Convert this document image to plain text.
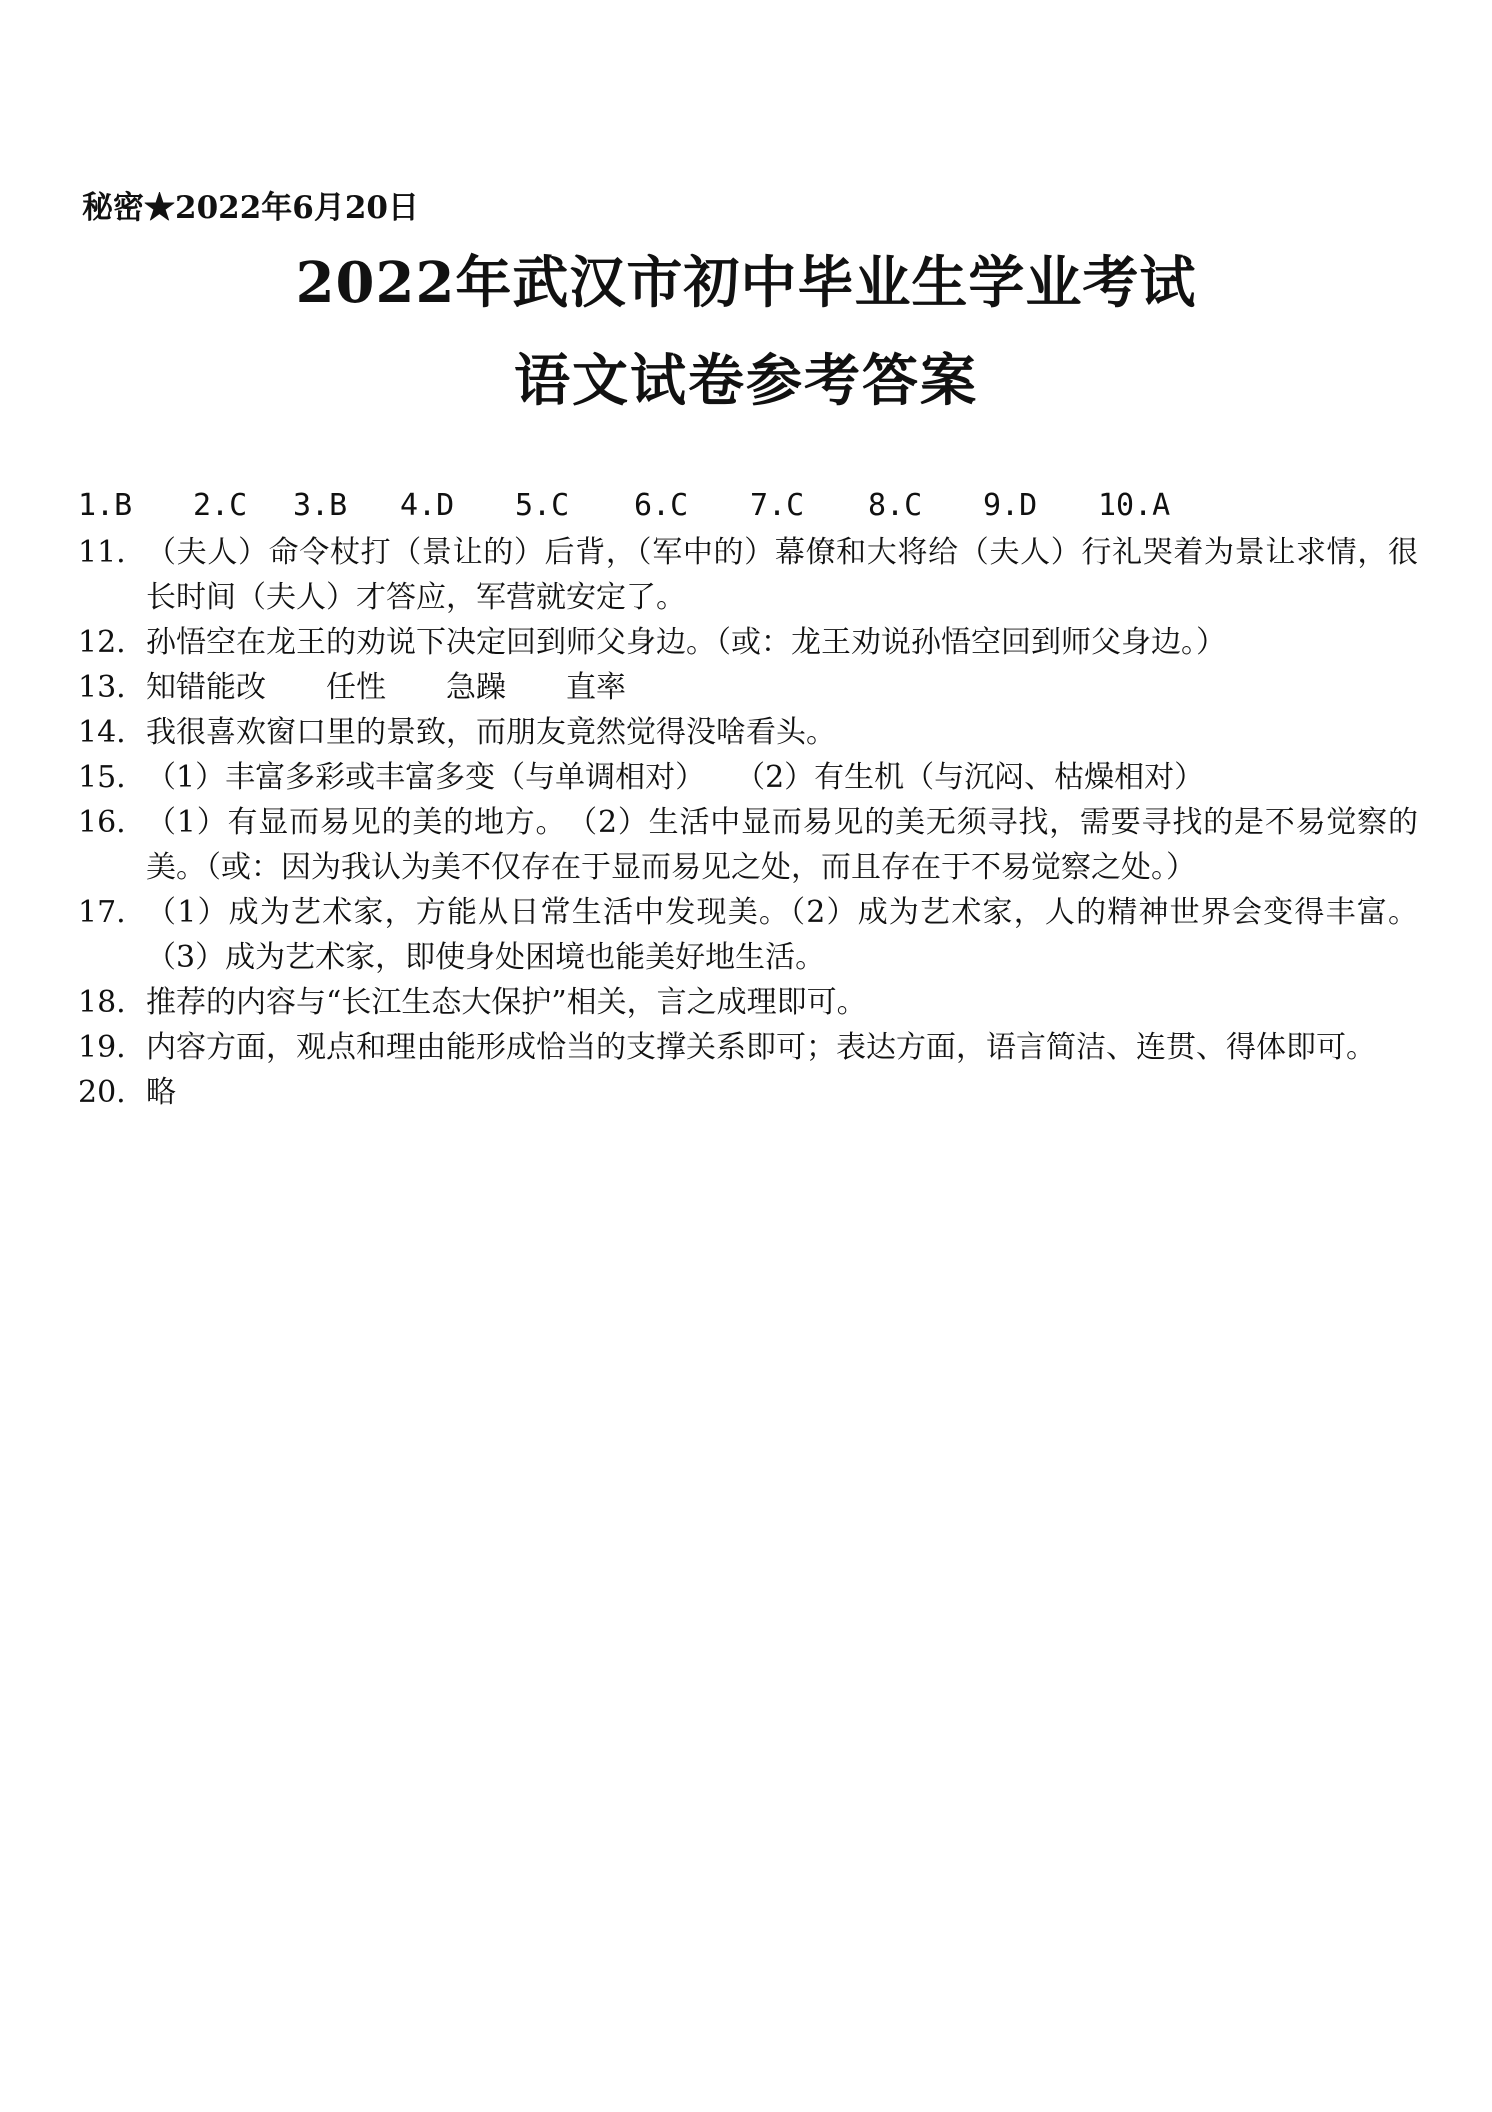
秘密★2022年6月20日
2022年武汉市初中毕业生学业考试
语文试卷参考答案
1.B 2.C 3.B 4.D 5.C 6.C 7.C 8.C 9.D 10.A
11. （夫人）命令杖打（景让的）后背，（军中的）幕僚和大将给（夫人）行礼哭着为景让求情，很长时间（夫人）才答应，军营就安定了。
12. 孙悟空在龙王的劝说下决定回到师父身边。（或：龙王劝说孙悟空回到师父身边。）
13. 知错能改　　任性　　急躁　　直率
14. 我很喜欢窗口里的景致，而朋友竟然觉得没啥看头。
15. （1）丰富多彩或丰富多变（与单调相对）　　（2）有生机（与沉闷、枯燥相对）
16. （1）有显而易见的美的地方。　（2）生活中显而易见的美无须寻找，需要寻找的是不易觉察的美。（或：因为我认为美不仅存在于显而易见之处，而且存在于不易觉察之处。）
17. （1）成为艺术家，方能从日常生活中发现美。（2）成为艺术家，人的精神世界会变得丰富。（3）成为艺术家，即使身处困境也能美好地生活。
18. 推荐的内容与“长江生态大保护”相关，言之成理即可。
19. 内容方面，观点和理由能形成恰当的支撑关系即可；表达方面，语言简洁、连贯、得体即可。
20. 略
